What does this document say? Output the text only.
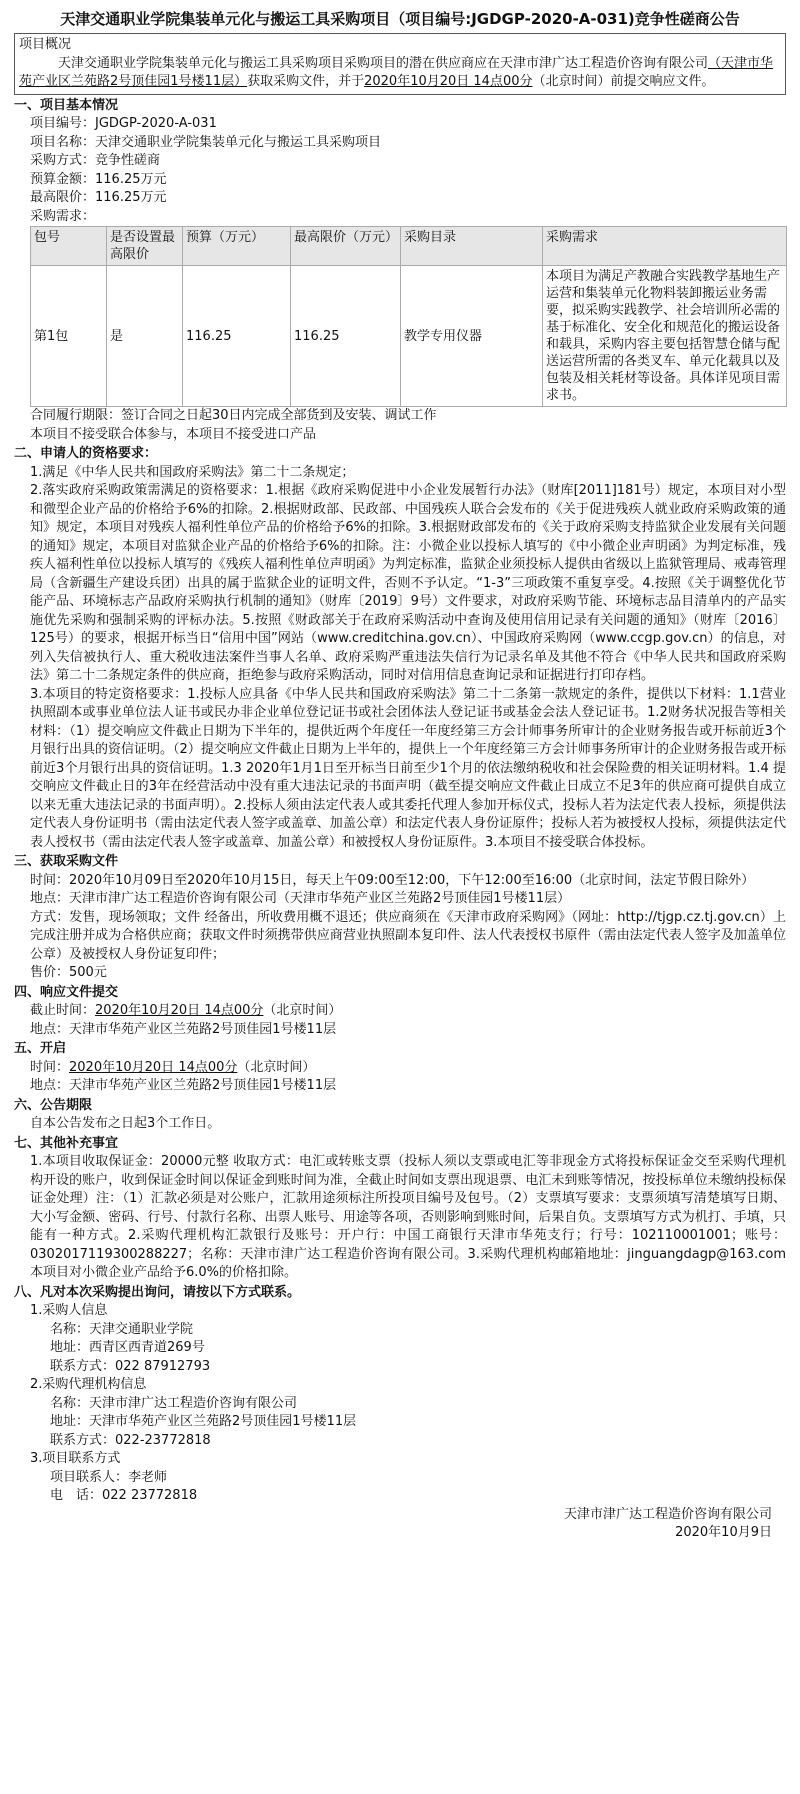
天津交通职业学院集装单元化与搬运工具采购项目（项目编号:JGDGP-2020-A-031)竞争性磋商公告
项目概况
天津交通职业学院集装单元化与搬运工具采购项目采购项目的潜在供应商应在天津市津广达工程造价咨询有限公司（天津市华苑产业区兰苑路2号顶佳园1号楼11层）获取采购文件，并于2020年10月20日 14点00分（北京时间）前提交响应文件。
一、项目基本情况
项目编号：JGDGP-2020-A-031
项目名称：天津交通职业学院集装单元化与搬运工具采购项目
采购方式：竞争性磋商
预算金额：116.25万元
最高限价：116.25万元
采购需求：
包号	是否设置最高限价	预算（万元）	最高限价（万元）	采购目录	采购需求
第1包	是	116.25	116.25	教学专用仪器	本项目为满足产教融合实践教学基地生产运营和集装单元化物料装卸搬运业务需要，拟采购实践教学、社会培训所必需的基于标准化、安全化和规范化的搬运设备和载具，采购内容主要包括智慧仓储与配送运营所需的各类叉车、单元化载具以及包装及相关耗材等设备。具体详见项目需求书。
合同履行期限：签订合同之日起30日内完成全部货到及安装、调试工作
本项目不接受联合体参与，本项目不接受进口产品
二、申请人的资格要求：
1.满足《中华人民共和国政府采购法》第二十二条规定；
2.落实政府采购政策需满足的资格要求：1.根据《政府采购促进中小企业发展暂行办法》（财库[2011]181号）规定，本项目对小型和微型企业产品的价格给予6%的扣除。2.根据财政部、民政部、中国残疾人联合会发布的《关于促进残疾人就业政府采购政策的通知》规定，本项目对残疾人福利性单位产品的价格给予6%的扣除。3.根据财政部发布的《关于政府采购支持监狱企业发展有关问题的通知》规定，本项目对监狱企业产品的价格给予6%的扣除。注：小微企业以投标人填写的《中小微企业声明函》为判定标准，残疾人福利性单位以投标人填写的《残疾人福利性单位声明函》为判定标准，监狱企业须投标人提供由省级以上监狱管理局、戒毒管理局（含新疆生产建设兵团）出具的属于监狱企业的证明文件，否则不予认定。“1-3”三项政策不重复享受。4.按照《关于调整优化节能产品、环境标志产品政府采购执行机制的通知》（财库〔2019〕9号）文件要求，对政府采购节能、环境标志品目清单内的产品实施优先采购和强制采购的评标办法。5.按照《财政部关于在政府采购活动中查询及使用信用记录有关问题的通知》（财库〔2016〕125号）的要求，根据开标当日“信用中国”网站（www.creditchina.gov.cn）、中国政府采购网（www.ccgp.gov.cn）的信息，对列入失信被执行人、重大税收违法案件当事人名单、政府采购严重违法失信行为记录名单及其他不符合《中华人民共和国政府采购法》第二十二条规定条件的供应商，拒绝参与政府采购活动，同时对信用信息查询记录和证据进行打印存档。
3.本项目的特定资格要求：1.投标人应具备《中华人民共和国政府采购法》第二十二条第一款规定的条件，提供以下材料：1.1营业执照副本或事业单位法人证书或民办非企业单位登记证书或社会团体法人登记证书或基金会法人登记证书。1.2财务状况报告等相关材料：（1）提交响应文件截止日期为下半年的，提供近两个年度任一年度经第三方会计师事务所审计的企业财务报告或开标前近3个月银行出具的资信证明。（2）提交响应文件截止日期为上半年的，提供上一个年度经第三方会计师事务所审计的企业财务报告或开标前近3个月银行出具的资信证明。1.3 2020年1月1日至开标当日前至少1个月的依法缴纳税收和社会保险费的相关证明材料。1.4 提交响应文件截止日的3年在经营活动中没有重大违法记录的书面声明（截至提交响应文件截止日成立不足3年的供应商可提供自成立以来无重大违法记录的书面声明）。2.投标人须由法定代表人或其委托代理人参加开标仪式，投标人若为法定代表人投标，须提供法定代表人身份证明书（需由法定代表人签字或盖章、加盖公章）和法定代表人身份证原件；投标人若为被授权人投标，须提供法定代表人授权书（需由法定代表人签字或盖章、加盖公章）和被授权人身份证原件。3.本项目不接受联合体投标。
三、获取采购文件
时间：2020年10月09日至2020年10月15日，每天上午09:00至12:00，下午12:00至16:00（北京时间，法定节假日除外）
地点：天津市津广达工程造价咨询有限公司（天津市华苑产业区兰苑路2号顶佳园1号楼11层）
方式：发售，现场领取；文件 经备出，所收费用概不退还；供应商须在《天津市政府采购网》（网址：http://tjgp.cz.tj.gov.cn）上完成注册并成为合格供应商；获取文件时须携带供应商营业执照副本复印件、法人代表授权书原件（需由法定代表人签字及加盖单位公章）及被授权人身份证复印件；
售价：500元
四、响应文件提交
截止时间：2020年10月20日 14点00分（北京时间）
地点：天津市华苑产业区兰苑路2号顶佳园1号楼11层
五、开启
时间：2020年10月20日 14点00分（北京时间）
地点：天津市华苑产业区兰苑路2号顶佳园1号楼11层
六、公告期限
自本公告发布之日起3个工作日。
七、其他补充事宜
1.本项目收取保证金：20000元整 收取方式：电汇或转账支票（投标人须以支票或电汇等非现金方式将投标保证金交至采购代理机构开设的账户，收到保证金时间以保证金到账时间为准，全截止时间如支票出现退票、电汇未到账等情况，按投标单位未缴纳投标保证金处理）注：（1）汇款必须是对公账户，汇款用途须标注所投项目编号及包号。（2）支票填写要求：支票须填写清楚填写日期、大小写金额、密码、行号、付款行名称、出票人账号、用途等各项，否则影响到账时间，后果自负。支票填写方式为机打、手填，只能有一种方式。2.采购代理机构汇款银行及账号：开户行：中国工商银行天津市华苑支行；行号：102110001001；账号：0302017119300288227；名称：天津市津广达工程造价咨询有限公司。3.采购代理机构邮箱地址：jinguangdagp@163.com 本项目对小微企业产品给予6.0%的价格扣除。
八、凡对本次采购提出询问，请按以下方式联系。
1.采购人信息
名称：天津交通职业学院
地址：西青区西青道269号
联系方式：022 87912793
2.采购代理机构信息
名称：天津市津广达工程造价咨询有限公司
地址：天津市华苑产业区兰苑路2号顶佳园1号楼11层
联系方式：022-23772818
3.项目联系方式
项目联系人：李老师
电　话：022 23772818
天津市津广达工程造价咨询有限公司
2020年10月9日
